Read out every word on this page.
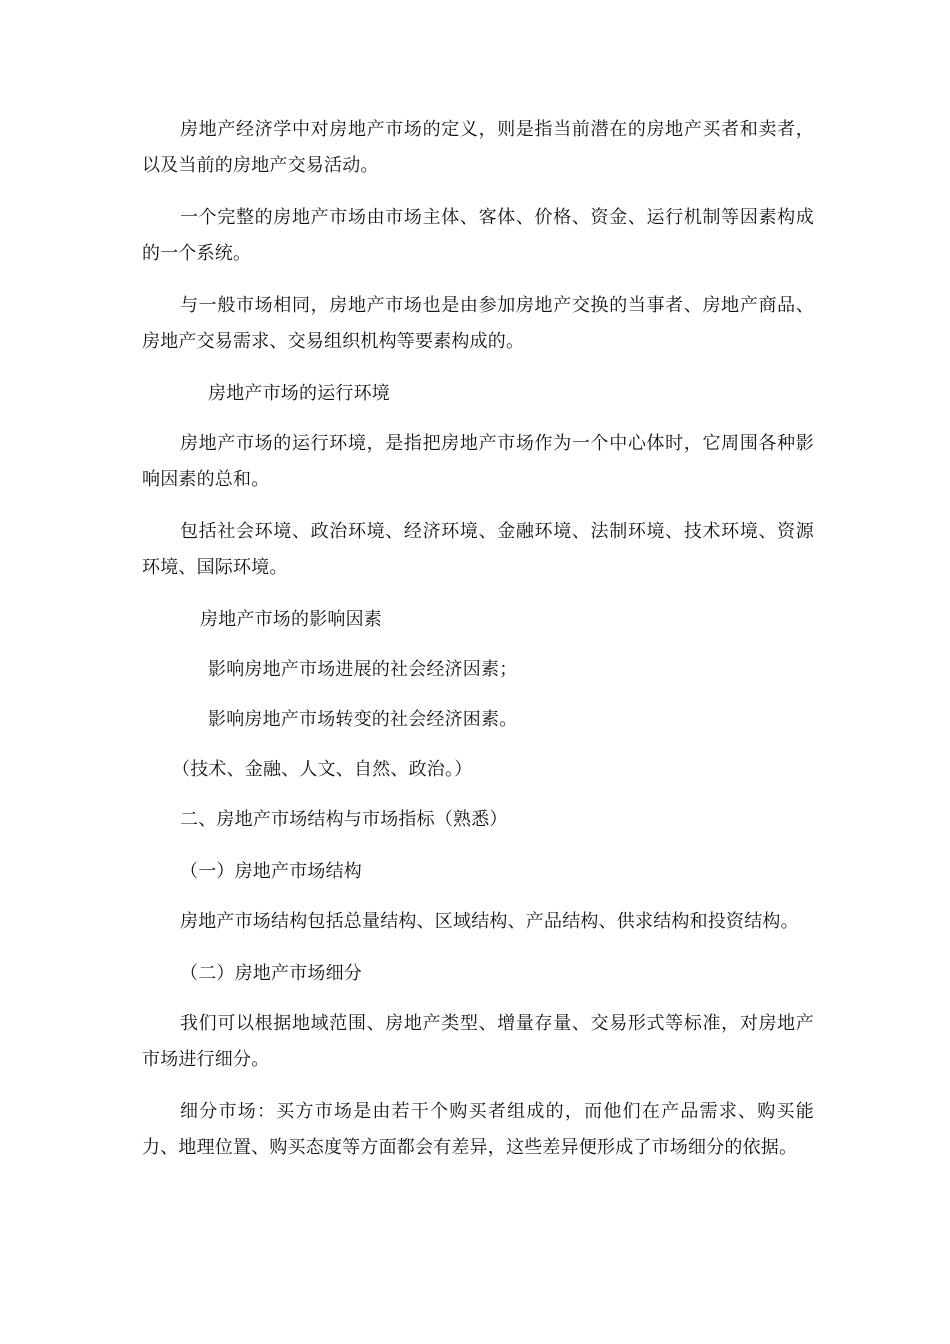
房地产经济学中对房地产市场的定义，则是指当前潜在的房地产买者和卖者，以及当前的房地产交易活动。

一个完整的房地产市场由市场主体、客体、价格、资金、运行机制等因素构成的一个系统。

与一般市场相同，房地产市场也是由参加房地产交换的当事者、房地产商品、 房地产交易需求、交易组织机构等要素构成的。

房地产市场的运行环境

房地产市场的运行环境，是指把房地产市场作为一个中心体时，它周围各种影响因素的总和。

包括社会环境、政治环境、经济环境、金融环境、法制环境、技术环境、资源环境、国际环境。

房地产市场的影响因素

影响房地产市场进展的社会经济因素；

影响房地产市场转变的社会经济困素。

（技术、金融、人文、自然、政治。）

二、房地产市场结构与市场指标（熟悉）

（一）房地产市场结构

房地产市场结构包括总量结构、区域结构、产品结构、供求结构和投资结构。

（二）房地产市场细分

我们可以根据地域范围、房地产类型、增量存量、交易形式等标准，对房地产市场进行细分。

细分市场：买方市场是由若干个购买者组成的，而他们在产品需求、购买能力、地理位置、购买态度等方面都会有差异，这些差异便形成了市场细分的依据。
